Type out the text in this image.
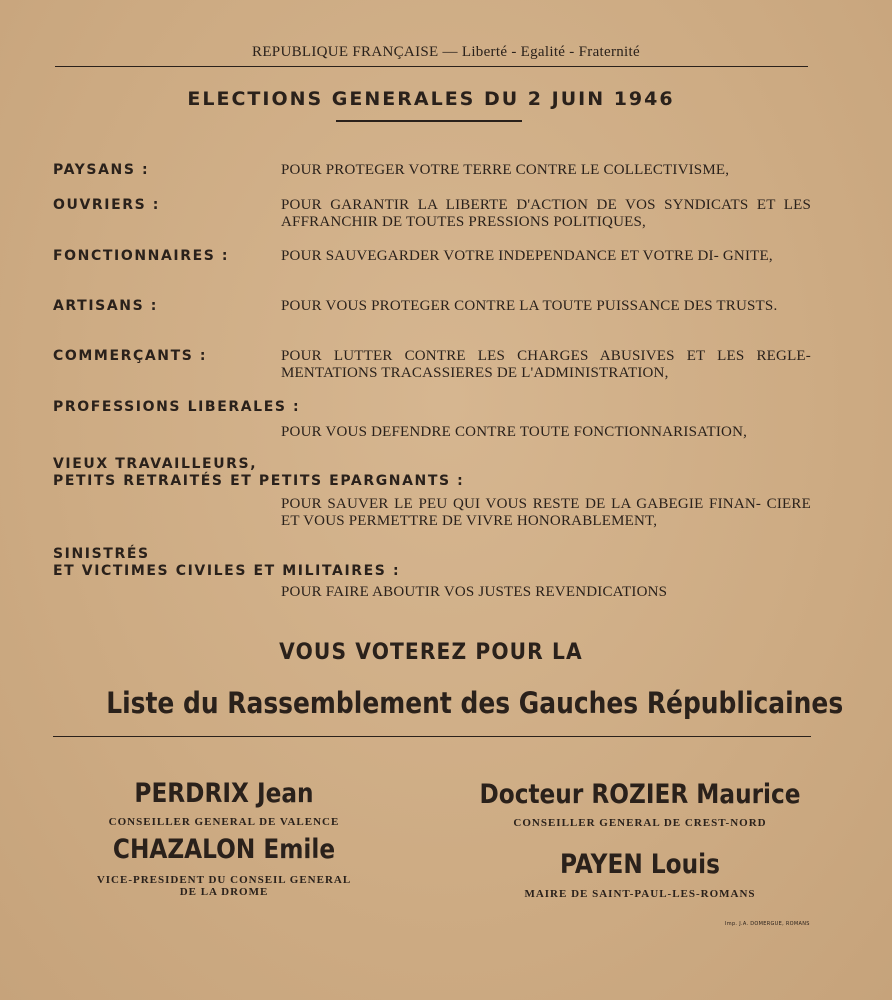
REPUBLIQUE FRANÇAISE — Liberté - Egalité - Fraternité
ELECTIONS GENERALES DU 2 JUIN 1946
PAYSANS :	POUR PROTEGER VOTRE TERRE CONTRE LE COLLECTIVISME,
OUVRIERS :	POUR GARANTIR LA LIBERTE D'ACTION DE VOS SYNDICATS ET LES AFFRANCHIR DE TOUTES PRESSIONS POLITIQUES,
FONCTIONNAIRES :	POUR SAUVEGARDER VOTRE INDEPENDANCE ET VOTRE DI- GNITE,
ARTISANS :	POUR VOUS PROTEGER CONTRE LA TOUTE PUISSANCE DES TRUSTS.
COMMERÇANTS :	POUR LUTTER CONTRE LES CHARGES ABUSIVES ET LES REGLE- MENTATIONS TRACASSIERES DE L'ADMINISTRATION,
PROFESSIONS LIBERALES :
POUR VOUS DEFENDRE CONTRE TOUTE FONCTIONNARISATION,
VIEUX TRAVAILLEURS,
PETITS RETRAITÉS ET PETITS EPARGNANTS :
POUR SAUVER LE PEU QUI VOUS RESTE DE LA GABEGIE FINAN- CIERE ET VOUS PERMETTRE DE VIVRE HONORABLEMENT,
SINISTRÉS
ET VICTIMES CIVILES ET MILITAIRES :
POUR FAIRE ABOUTIR VOS JUSTES REVENDICATIONS
VOUS VOTEREZ POUR LA
Liste du Rassemblement des Gauches Républicaines
PERDRIX Jean
CONSEILLER GENERAL DE VALENCE
Docteur ROZIER Maurice
CONSEILLER GENERAL DE CREST-NORD
CHAZALON Emile
VICE-PRESIDENT DU CONSEIL GENERAL
DE LA DROME
PAYEN Louis
MAIRE DE SAINT-PAUL-LES-ROMANS
Imp. J.A. DOMERGUE, ROMANS
